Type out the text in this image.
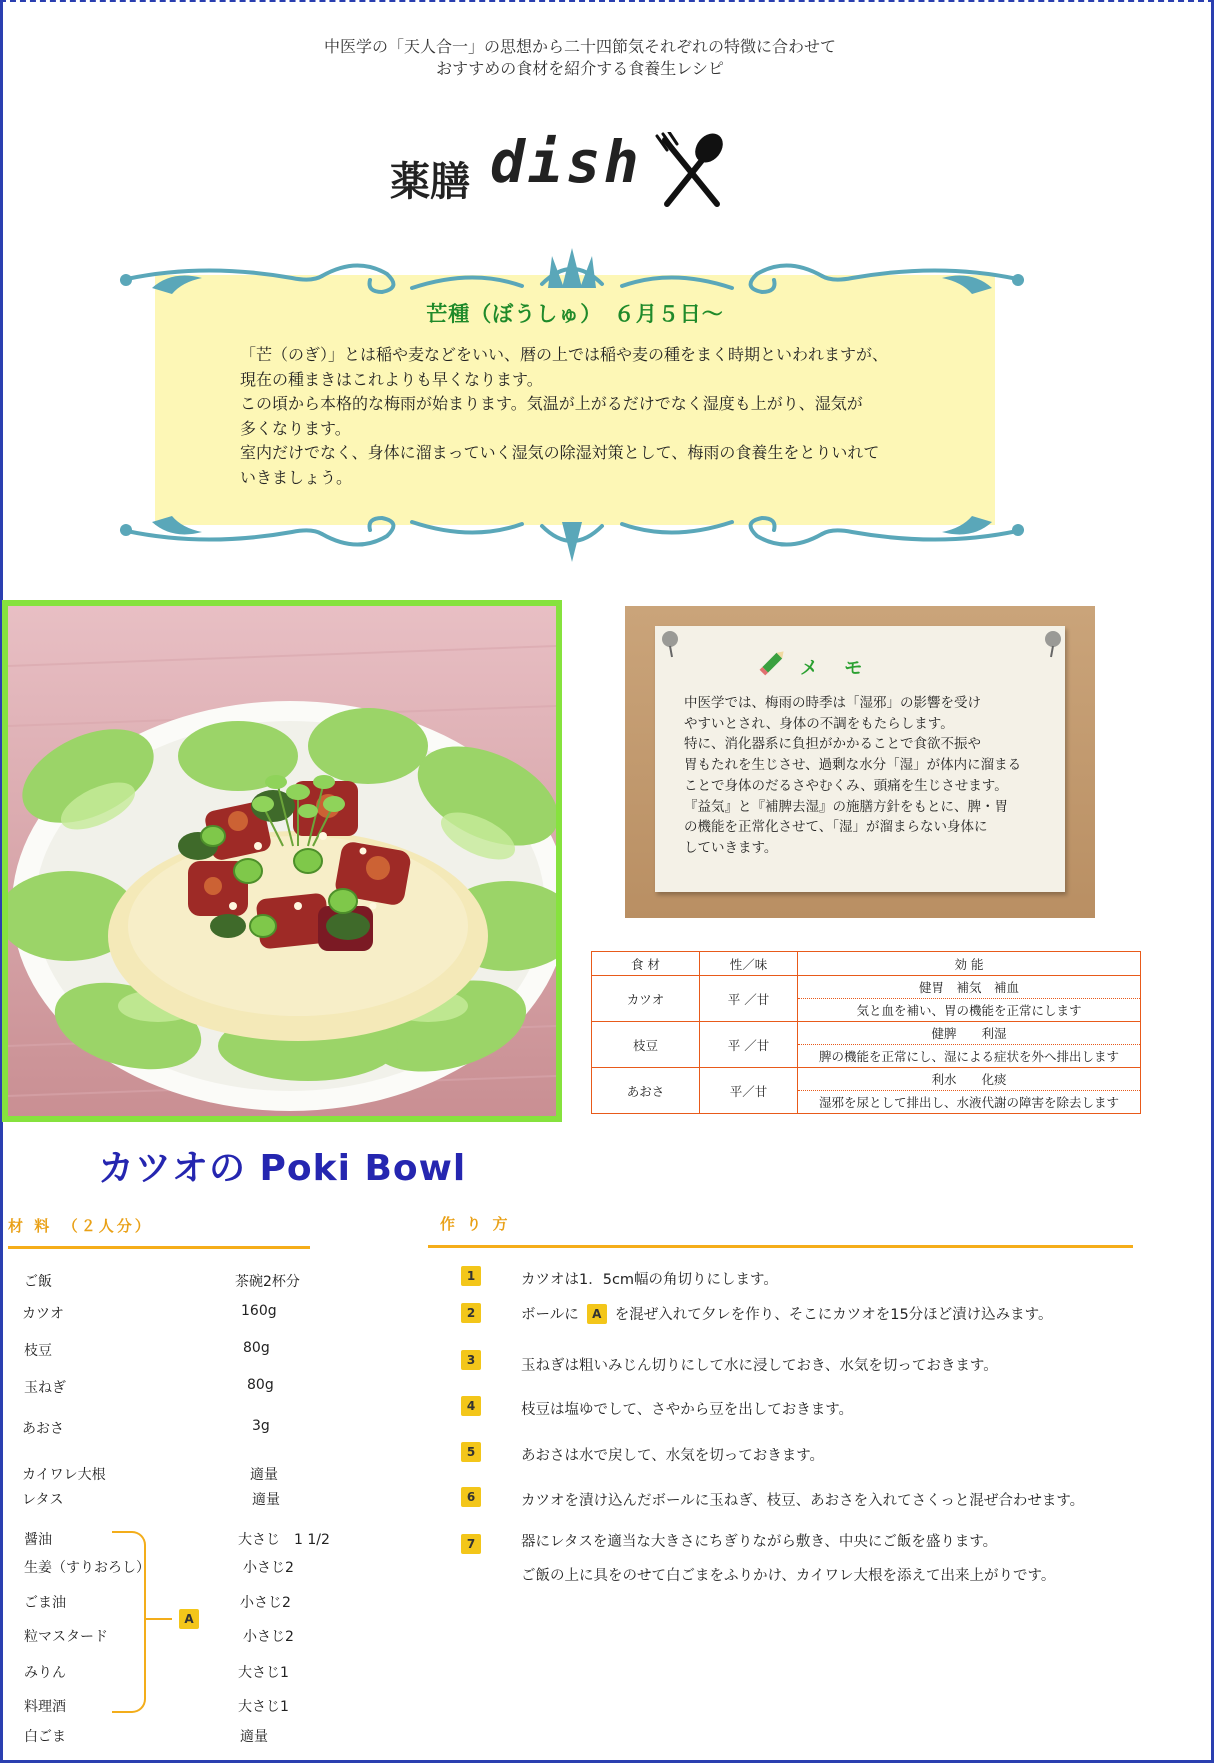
中医学の「天人合一」の思想から二十四節気それぞれの特徴に合わせて
おすすめの食材を紹介する食養生レシピ
薬膳 dish
芒種（ぼうしゅ）　６月５日～
「芒（のぎ）」とは稲や麦などをいい、暦の上では稲や麦の種をまく時期といわれますが、
現在の種まきはこれよりも早くなります。
この頃から本格的な梅雨が始まります。気温が上がるだけでなく湿度も上がり、湿気が
多くなります。
室内だけでなく、身体に溜まっていく湿気の除湿対策として、梅雨の食養生をとりいれて
いきましょう。
メ モ
中医学では、梅雨の時季は「湿邪」の影響を受け
やすいとされ、身体の不調をもたらします。
特に、消化器系に負担がかかることで食欲不振や
胃もたれを生じさせ、過剰な水分「湿」が体内に溜まる
ことで身体のだるさやむくみ、頭痛を生じさせます。
『益気』と『補脾去湿』の施膳方針をもとに、脾・胃
の機能を正常化させて、「湿」が溜まらない身体に
していきます。
食 材	性／味	効 能
カツオ	平 ／甘	健胃　補気　補血
		気と血を補い、胃の機能を正常にします
枝豆	平 ／甘	健脾　　利湿
		脾の機能を正常にし、湿による症状を外へ排出します
あおさ	平／甘	利水　　化痰
		湿邪を尿として排出し、水液代謝の障害を除去します
カツオの Poki Bowl
材 料　（２人分）
ご飯	茶碗2杯分
カツオ	160g
枝豆	80g
玉ねぎ	80g
あおさ	3g
カイワレ大根	適量
レタス	適量
醤油	大さじ　1 1/2
生姜（すりおろし）	小さじ2
ごま油	小さじ2
粒マスタード	小さじ2
みりん	大さじ1
料理酒	大さじ1
A
白ごま	適量
作 り 方
1	カツオは1．5cm幅の角切りにします。
2	ボールに	A を混ぜ入れて夕レを作り、そこにカツオを15分ほど漬け込みます。
3	玉ねぎは粗いみじん切りにして水に浸しておき、水気を切っておきます。
4	枝豆は塩ゆでして、さやから豆を出しておきます。
5	あおさは水で戻して、水気を切っておきます。
6	カツオを漬け込んだボールに玉ねぎ、枝豆、あおさを入れてさくっと混ぜ合わせます。
7	器にレタスを適当な大きさにちぎりながら敷き、中央にご飯を盛ります。
ご飯の上に具をのせて白ごまをふりかけ、カイワレ大根を添えて出来上がりです。
